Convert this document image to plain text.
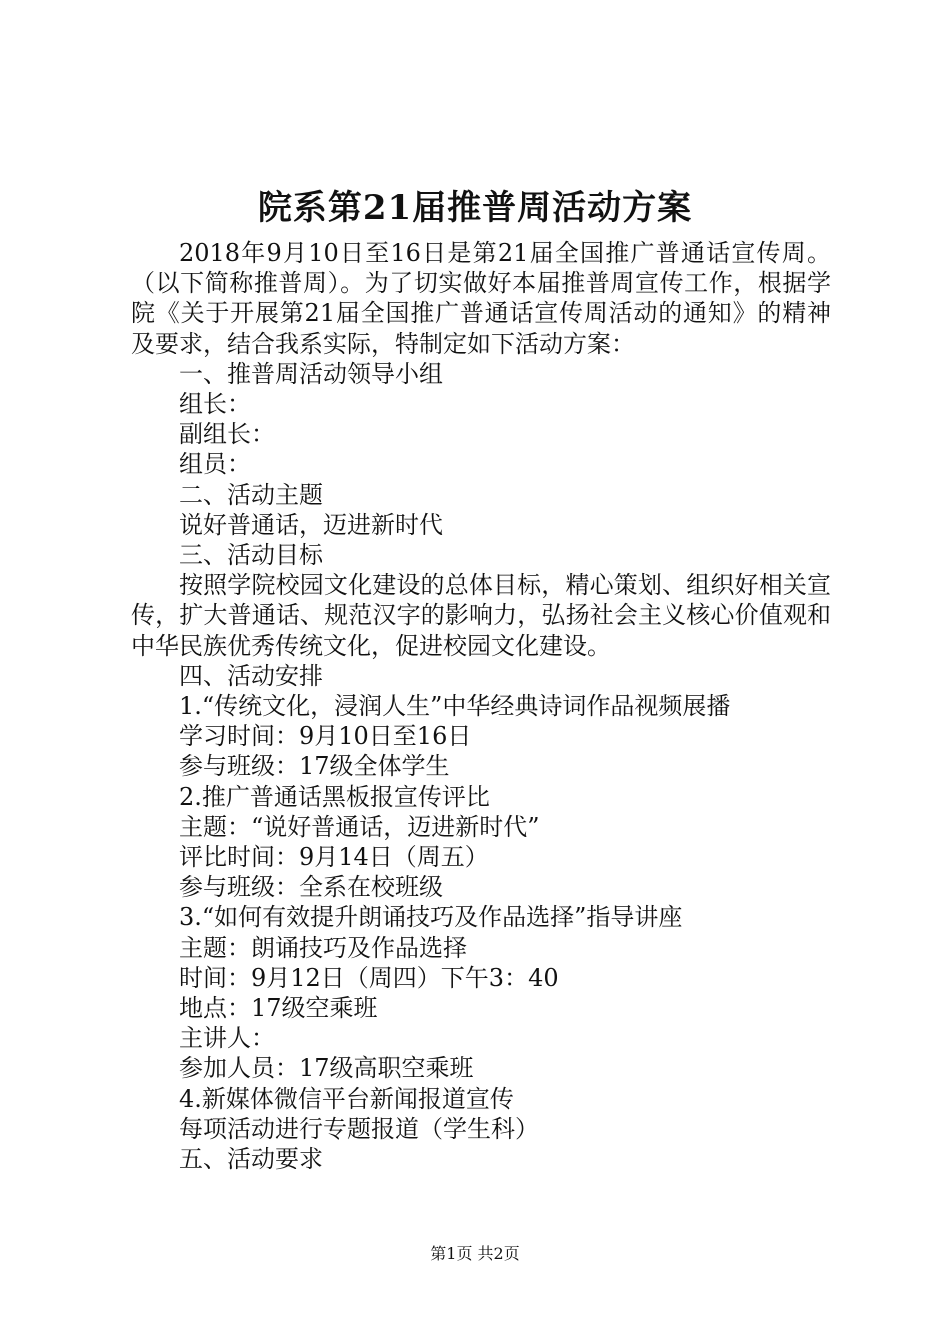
院系第21届推普周活动方案

2018年9月10日至16日是第21届全国推广普通话宣传周。（以下简称推普周）。为了切实做好本届推普周宣传工作，根据学院《关于开展第21届全国推广普通话宣传周活动的通知》的精神及要求，结合我系实际，特制定如下活动方案：

一、推普周活动领导小组

组长：

副组长：

组员：

二、活动主题

说好普通话，迈进新时代

三、活动目标

按照学院校园文化建设的总体目标，精心策划、组织好相关宣传，扩大普通话、规范汉字的影响力，弘扬社会主义核心价值观和中华民族优秀传统文化，促进校园文化建设。

四、活动安排

1.“传统文化，浸润人生”中华经典诗词作品视频展播

学习时间：9月10日至16日

参与班级：17级全体学生

2.推广普通话黑板报宣传评比

主题：“说好普通话，迈进新时代”

评比时间：9月14日（周五）

参与班级：全系在校班级

3.“如何有效提升朗诵技巧及作品选择”指导讲座

主题：朗诵技巧及作品选择

时间：9月12日（周四）下午3：40

地点：17级空乘班

主讲人：

参加人员：17级高职空乘班

4.新媒体微信平台新闻报道宣传

每项活动进行专题报道（学生科）

五、活动要求

第1页 共2页
